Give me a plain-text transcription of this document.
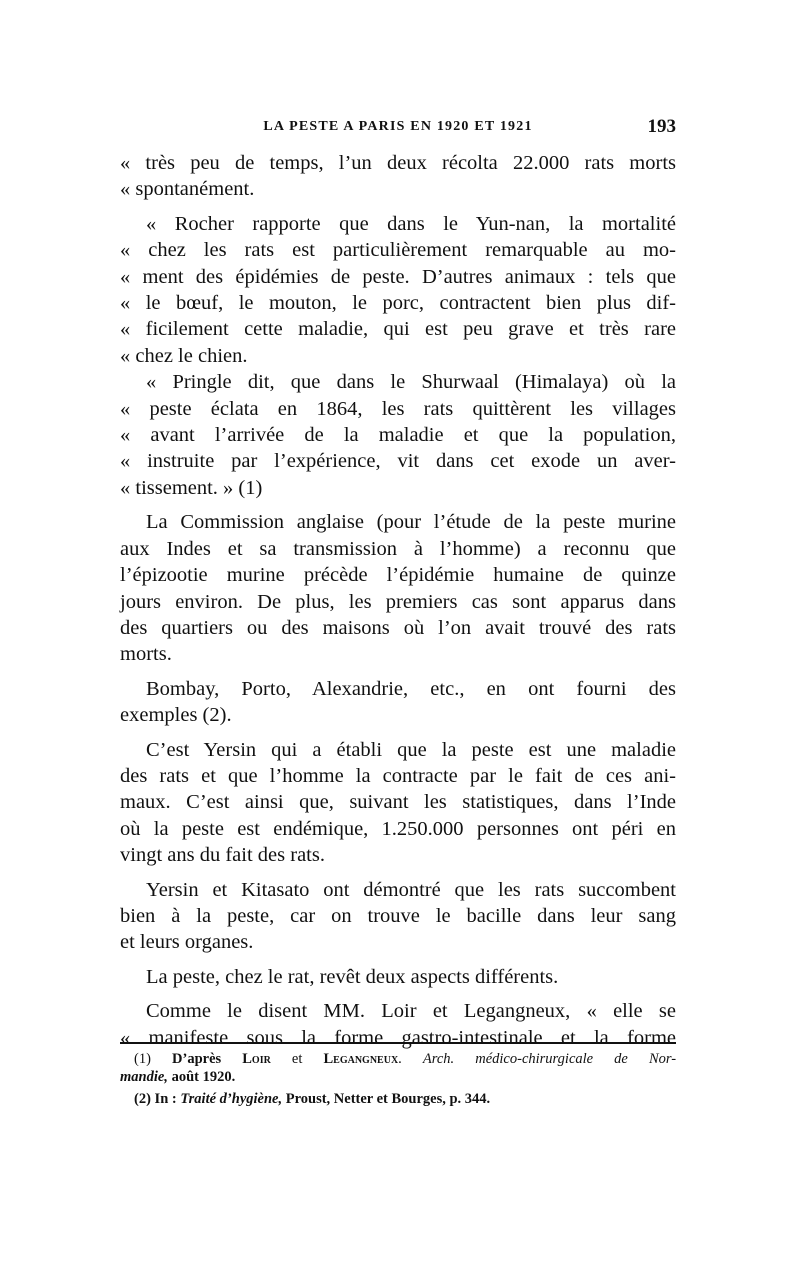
LA PESTE A PARIS EN 1920 ET 1921	193
« très peu de temps, l’un deux récolta 22.000 rats morts
« spontanément.
« Rocher rapporte que dans le Yun-nan, la mortalité
« chez les rats est particulièrement remarquable au mo-
« ment des épidémies de peste. D’autres animaux : tels que
« le bœuf, le mouton, le porc, contractent bien plus dif-
« ficilement cette maladie, qui est peu grave et très rare
« chez le chien.
« Pringle dit, que dans le Shurwaal (Himalaya) où la
« peste éclata en 1864, les rats quittèrent les villages
« avant l’arrivée de la maladie et que la population,
« instruite par l’expérience, vit dans cet exode un aver-
« tissement. » (1)
La Commission anglaise (pour l’étude de la peste murine
aux Indes et sa transmission à l’homme) a reconnu que
l’épizootie murine précède l’épidémie humaine de quinze
jours environ. De plus, les premiers cas sont apparus dans
des quartiers ou des maisons où l’on avait trouvé des rats
morts.
Bombay, Porto, Alexandrie, etc., en ont fourni des
exemples (2).
C’est Yersin qui a établi que la peste est une maladie
des rats et que l’homme la contracte par le fait de ces ani-
maux. C’est ainsi que, suivant les statistiques, dans l’Inde
où la peste est endémique, 1.250.000 personnes ont péri en
vingt ans du fait des rats.
Yersin et Kitasato ont démontré que les rats succombent
bien à la peste, car on trouve le bacille dans leur sang
et leurs organes.
La peste, chez le rat, revêt deux aspects différents.
Comme le disent MM. Loir et Legangneux, « elle se
« manifeste sous la forme gastro-intestinale et la forme
(1) D’après Loir et Legangneux. Arch. médico-chirurgicale de Nor-
mandie, août 1920.
(2) In : Traité d’hygiène, Proust, Netter et Bourges, p. 344.
